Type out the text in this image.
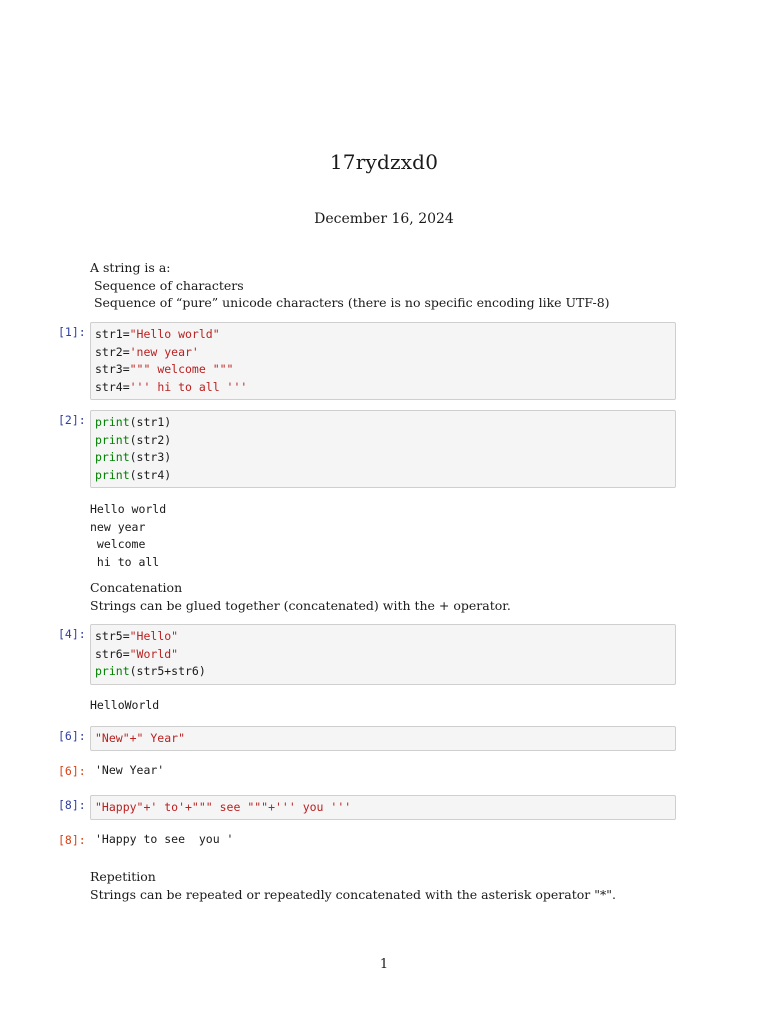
17rydzxd0
December 16, 2024
A string is a:
Sequence of characters
Sequence of “pure” unicode characters (there is no specific encoding like UTF-8)
[1]: str1="Hello world"
str2='new year'
str3=""" welcome """
str4=''' hi to all '''
[2]: print(str1)
print(str2)
print(str3)
print(str4)
Hello world
new year
welcome
hi to all
Concatenation
Strings can be glued together (concatenated) with the + operator.
[4]: str5="Hello"
str6="World"
print(str5+str6)
HelloWorld
[6]: "New"+" Year"
[6]: 'New Year'
[8]: "Happy"+' to'+""" see """+''' you '''
[8]: 'Happy to see  you '
Repetition
Strings can be repeated or repeatedly concatenated with the asterisk operator "*".
1
